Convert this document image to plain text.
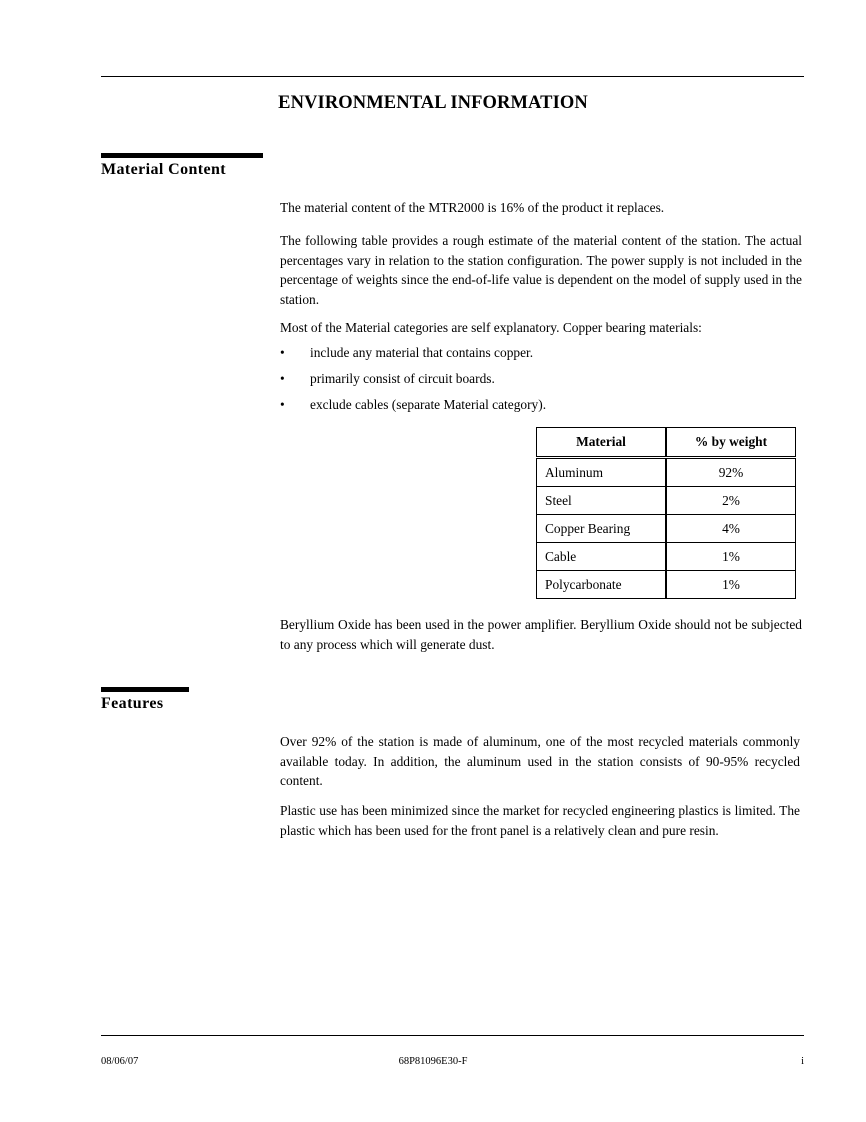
ENVIRONMENTAL INFORMATION
Material Content

The material content of the MTR2000 is 16% of the product it replaces.

The following table provides a rough estimate of the material content of the station. The actual percentages vary in relation to the station configuration. The power supply is not included in the percentage of weights since the end-of-life value is dependent on the model of supply used in the station.

Most of the Material categories are self explanatory. Copper bearing materials:

• include any material that contains copper.
• primarily consist of circuit boards.
• exclude cables (separate Material category).
Material	% by weight
Aluminum	92%
Steel	2%
Copper Bearing	4%
Cable	1%
Polycarbonate	1%

Beryllium Oxide has been used in the power amplifier. Beryllium Oxide should not be subjected to any process which will generate dust.

Features

Over 92% of the station is made of aluminum, one of the most recycled materials commonly available today. In addition, the aluminum used in the station consists of 90-95% recycled content.

Plastic use has been minimized since the market for recycled engineering plastics is limited. The plastic which has been used for the front panel is a relatively clean and pure resin.

08/06/07	68P81096E30-F	i
